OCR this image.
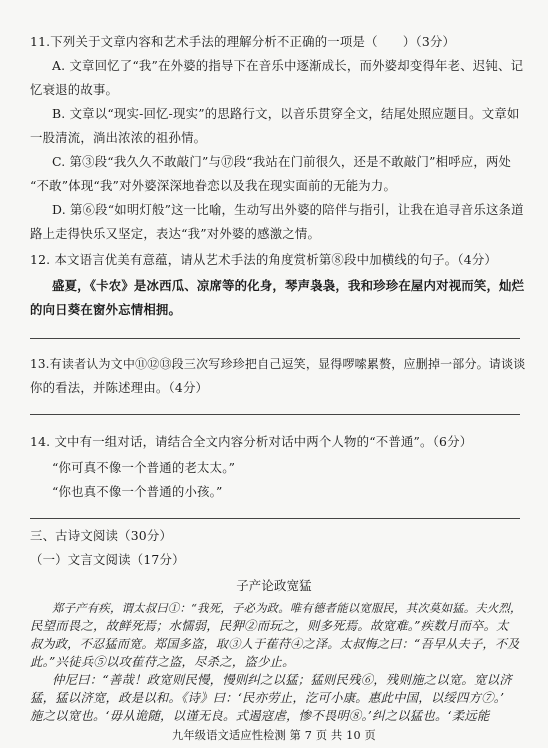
11.下列关于文章内容和艺术手法的理解分析不正确的一项是（　　）（3分）
A. 文章回忆了“我”在外婆的指导下在音乐中逐渐成长，而外婆却变得年老、迟钝、记
忆衰退的故事。
B. 文章以“现实-回忆-现实”的思路行文，以音乐贯穿全文，结尾处照应题目。文章如
一股清流，淌出浓浓的祖孙情。
C. 第③段“我久久不敢敲门”与⑰段“我站在门前很久，还是不敢敲门”相呼应，两处
“不敢”体现“我”对外婆深深地眷恋以及我在现实面前的无能为力。
D. 第⑥段“如明灯般”这一比喻，生动写出外婆的陪伴与指引，让我在追寻音乐这条道
路上走得快乐又坚定，表达“我”对外婆的感激之情。
12. 本文语言优美有意蕴，请从艺术手法的角度赏析第⑧段中加横线的句子。（4分）
盛夏，《卡农》是冰西瓜、凉席等的化身，琴声袅袅，我和珍珍在屋内对视而笑，灿烂
的向日葵在窗外忘情相拥。
13.有读者认为文中⑪⑫⑬段三次写珍珍把自己逗笑，显得啰嗦累赘，应删掉一部分。请谈谈
你的看法，并陈述理由。（4分）
14. 文中有一组对话，请结合全文内容分析对话中两个人物的“不普通”。（6分）
“你可真不像一个普通的老太太。”
“你也真不像一个普通的小孩。”
三、古诗文阅读（30分）
（一）文言文阅读（17分）
子产论政宽猛
郑子产有疾，谓太叔曰①：“我死，子必为政。唯有德者能以宽服民，其次莫如猛。夫火烈，
民望而畏之，故鲜死焉；水懦弱，民狎②而玩之，则多死焉。故宽难。”疾数月而卒。太
叔为政，不忍猛而宽。郑国多盗，取③人于萑苻④之泽。太叔悔之曰：“吾早从夫子，不及
此。”兴徒兵⑤以攻萑苻之盗，尽杀之，盗少止。
仲尼曰：“善哉！政宽则民慢，慢则纠之以猛；猛则民残⑥，残则施之以宽。宽以济
猛，猛以济宽，政是以和。《诗》曰：‘民亦劳止，汔可小康。惠此中国，以绥四方⑦。’
施之以宽也。‘毋从诡随，以谨无良。式遏寇虐，惨不畏明⑧。’纠之以猛也。‘柔远能
九年级语文适应性检测 第 7 页 共 10 页
